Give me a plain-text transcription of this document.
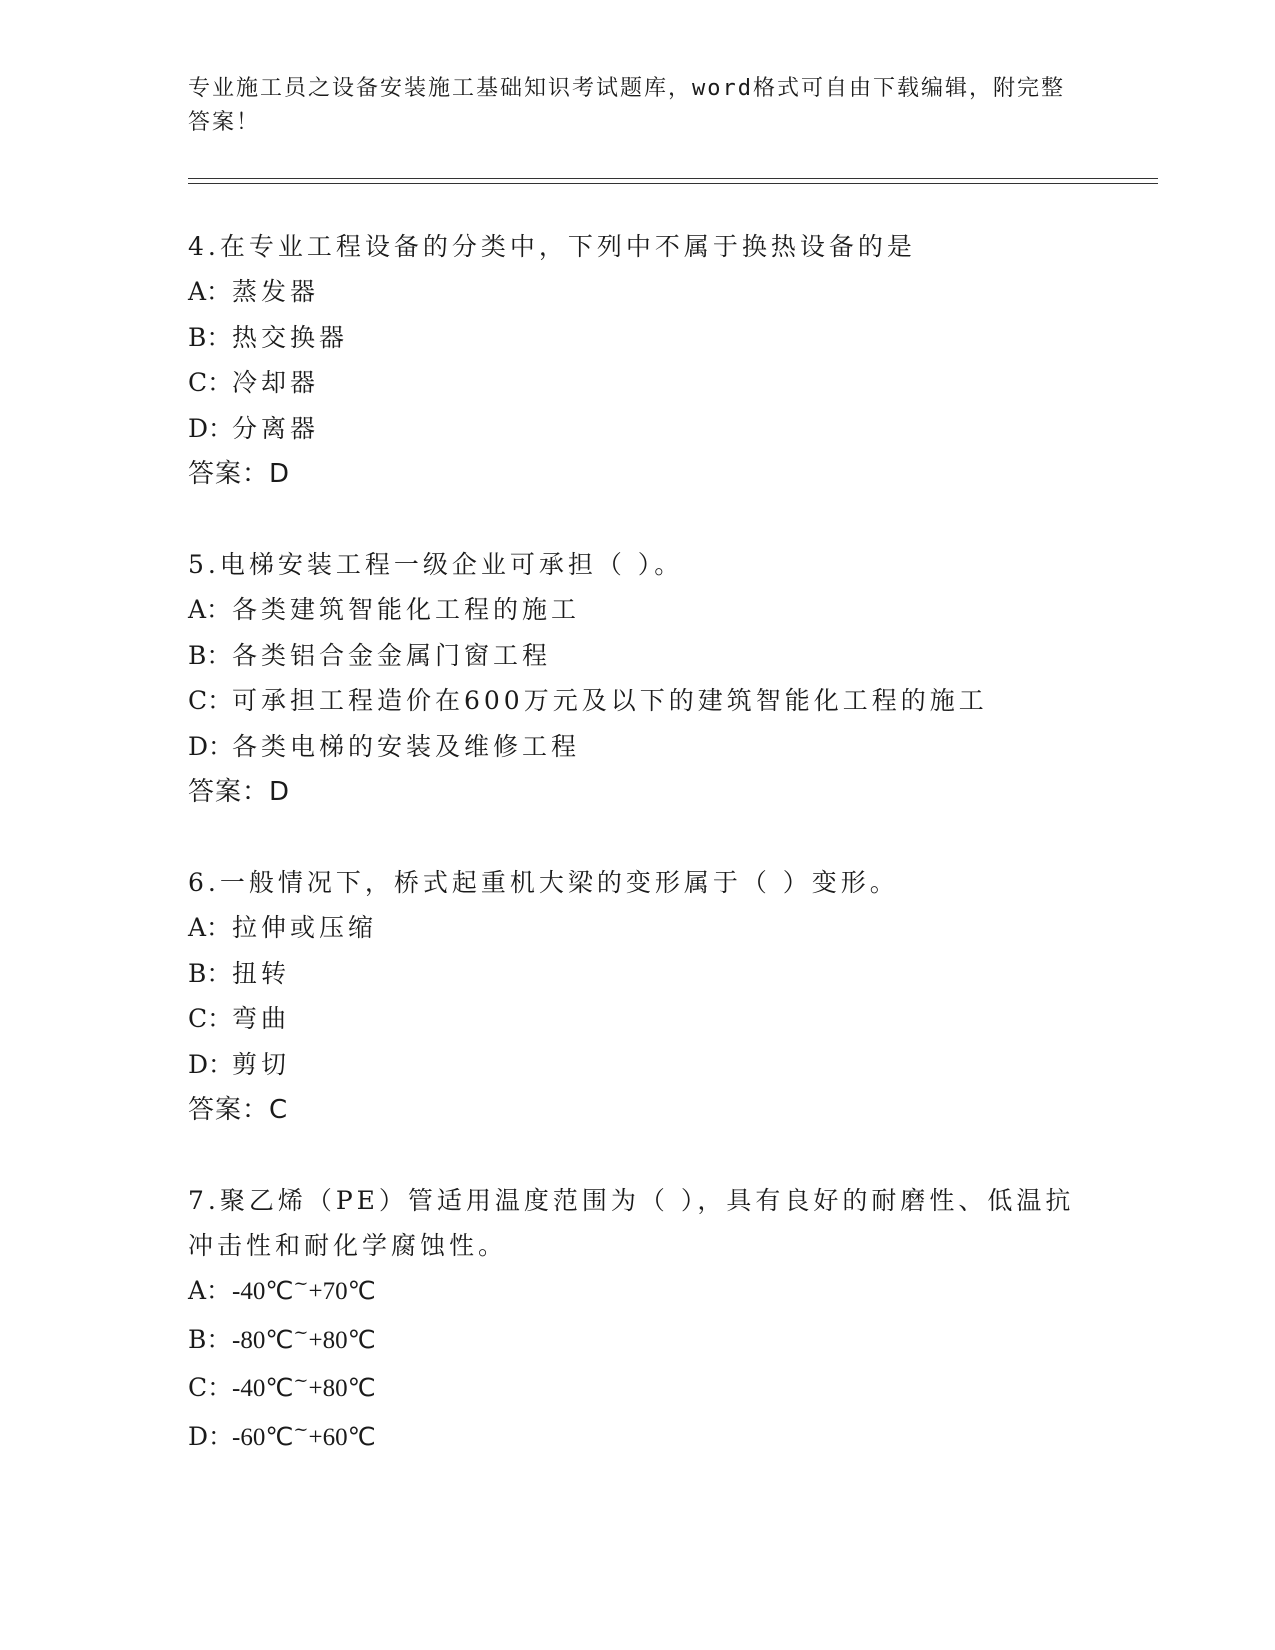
专业施工员之设备安装施工基础知识考试题库，word格式可自由下载编辑，附完整答案！

4.在专业工程设备的分类中，下列中不属于换热设备的是

A：蒸发器

B：热交换器

C：冷却器

D：分离器

答案：D

5.电梯安装工程一级企业可承担（ ）。

A：各类建筑智能化工程的施工

B：各类铝合金金属门窗工程

C：可承担工程造价在600万元及以下的建筑智能化工程的施工

D：各类电梯的安装及维修工程

答案：D

6.一般情况下，桥式起重机大梁的变形属于（ ）变形。

A：拉伸或压缩

B：扭转

C：弯曲

D：剪切

答案：C

7.聚乙烯（PE）管适用温度范围为（ ），具有良好的耐磨性、低温抗冲击性和耐化学腐蚀性。

A：-40℃~+70℃

B：-80℃~+80℃

C：-40℃~+80℃

D：-60℃~+60℃
